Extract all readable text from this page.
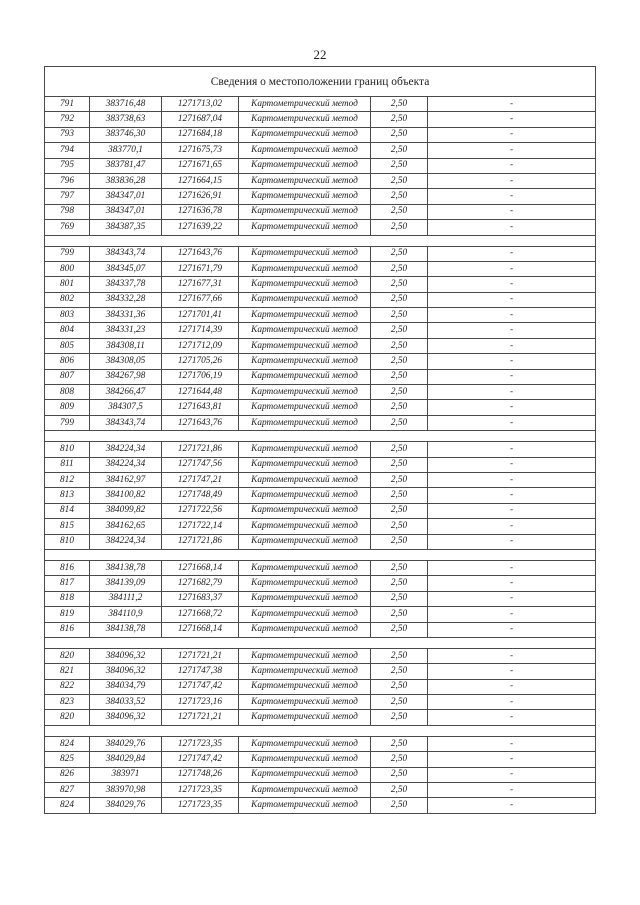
22
Сведения о местоположении границ объекта					
791	383716,48	1271713,02	Картометрический метод	2,50	-
792	383738,63	1271687,04	Картометрический метод	2,50	-
793	383746,30	1271684,18	Картометрический метод	2,50	-
794	383770,1	1271675,73	Картометрический метод	2,50	-
795	383781,47	1271671,65	Картометрический метод	2,50	-
796	383836,28	1271664,15	Картометрический метод	2,50	-
797	384347,01	1271626,91	Картометрический метод	2,50	-
798	384347,01	1271636,78	Картометрический метод	2,50	-
769	384387,35	1271639,22	Картометрический метод	2,50	-

799	384343,74	1271643,76	Картометрический метод	2,50	-
800	384345,07	1271671,79	Картометрический метод	2,50	-
801	384337,78	1271677,31	Картометрический метод	2,50	-
802	384332,28	1271677,66	Картометрический метод	2,50	-
803	384331,36	1271701,41	Картометрический метод	2,50	-
804	384331,23	1271714,39	Картометрический метод	2,50	-
805	384308,11	1271712,09	Картометрический метод	2,50	-
806	384308,05	1271705,26	Картометрический метод	2,50	-
807	384267,98	1271706,19	Картометрический метод	2,50	-
808	384266,47	1271644,48	Картометрический метод	2,50	-
809	384307,5	1271643,81	Картометрический метод	2,50	-
799	384343,74	1271643,76	Картометрический метод	2,50	-

810	384224,34	1271721,86	Картометрический метод	2,50	-
811	384224,34	1271747,56	Картометрический метод	2,50	-
812	384162,97	1271747,21	Картометрический метод	2,50	-
813	384100,82	1271748,49	Картометрический метод	2,50	-
814	384099,82	1271722,56	Картометрический метод	2,50	-
815	384162,65	1271722,14	Картометрический метод	2,50	-
810	384224,34	1271721,86	Картометрический метод	2,50	-

816	384138,78	1271668,14	Картометрический метод	2,50	-
817	384139,09	1271682,79	Картометрический метод	2,50	-
818	384111,2	1271683,37	Картометрический метод	2,50	-
819	384110,9	1271668,72	Картометрический метод	2,50	-
816	384138,78	1271668,14	Картометрический метод	2,50	-

820	384096,32	1271721,21	Картометрический метод	2,50	-
821	384096,32	1271747,38	Картометрический метод	2,50	-
822	384034,79	1271747,42	Картометрический метод	2,50	-
823	384033,52	1271723,16	Картометрический метод	2,50	-
820	384096,32	1271721,21	Картометрический метод	2,50	-

824	384029,76	1271723,35	Картометрический метод	2,50	-
825	384029,84	1271747,42	Картометрический метод	2,50	-
826	383971	1271748,26	Картометрический метод	2,50	-
827	383970,98	1271723,35	Картометрический метод	2,50	-
824	384029,76	1271723,35	Картометрический метод	2,50	-
